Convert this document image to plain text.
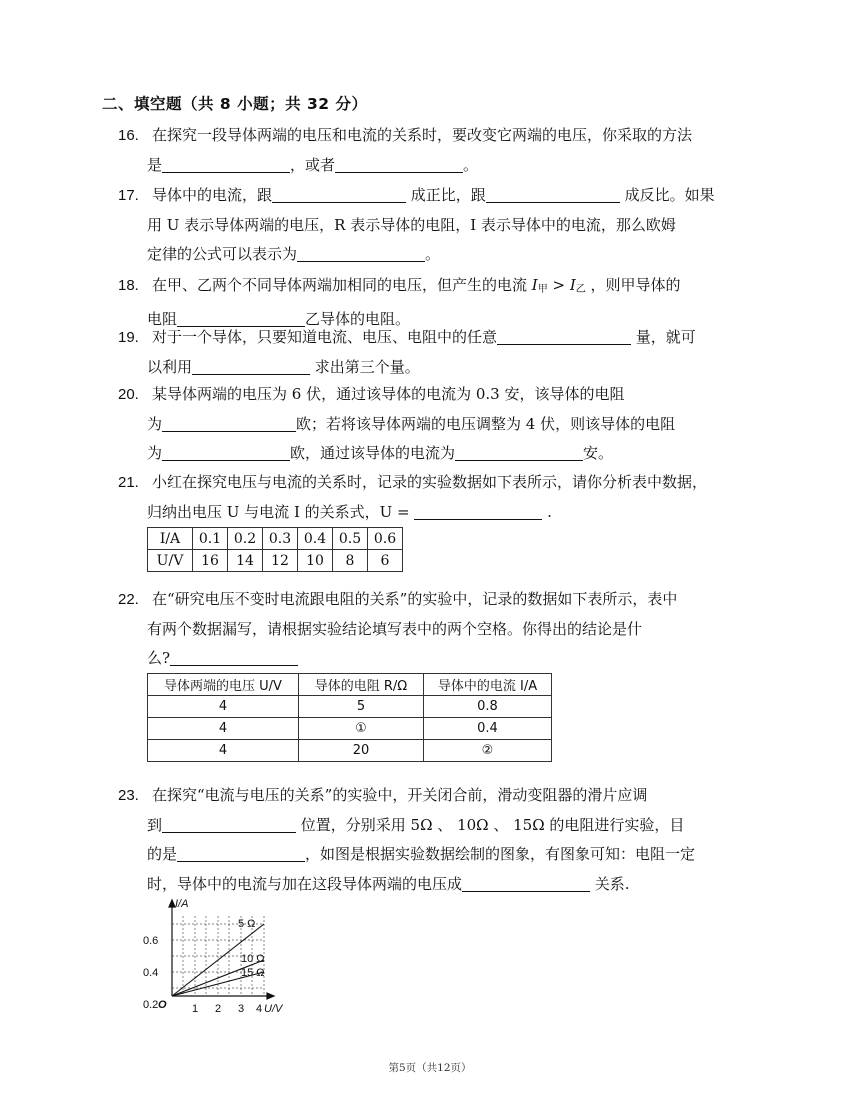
二、填空题（共 8 小题；共 32 分）
16. 在探究一段导体两端的电压和电流的关系时，要改变它两端的电压，你采取的方法
是	，或者	。
17. 导体中的电流，跟	成正比，跟	成反比。如果
用 U 表示导体两端的电压，R 表示导体的电阻，I 表示导体中的电流，那么欧姆
定律的公式可以表示为	。
18. 在甲、乙两个不同导体两端加相同的电压，但产生的电流 $I_甲 > I_乙$ ，则甲导体的
电阻	乙导体的电阻。
19. 对于一个导体，只要知道电流、电压、电阻中的任意	量，就可
以利用	求出第三个量。
20. 某导体两端的电压为 6 伏，通过该导体的电流为 0.3 安，该导体的电阻
为	欧；若将该导体两端的电压调整为 4 伏，则该导体的电阻
为	欧，通过该导体的电流为	安。
21. 小红在探究电压与电流的关系时，记录的实验数据如下表所示，请你分析表中数据，
归纳出电压 U 与电流 I 的关系式，U =	.
I/A	0.1	0.2	0.3	0.4	0.5	0.6
U/V	16	14	12	10	8	6
22. 在“研究电压不变时电流跟电阻的关系”的实验中，记录的数据如下表所示，表中
有两个数据漏写，请根据实验结论填写表中的两个空格。你得出的结论是什
么?
导体两端的电压 U/V	导体的电阻 R/Ω	导体中的电流 I/A
4	5	0.8
4	①	0.4
4	20	②
23. 在探究“电流与电压的关系”的实验中，开关闭合前，滑动变阻器的滑片应调
到	位置，分别采用 5Ω 、 10Ω 、 15Ω 的电阻进行实验，目
的是	，如图是根据实验数据绘制的图象，有图象可知：电阻一定
时，导体中的电流与加在这段导体两端的电压成	关系.
I/A
U/V
O
0.6
0.4
0.2	1 2 3 4
5 Ω
10 Ω
15 Ω
第5页（共12页）
